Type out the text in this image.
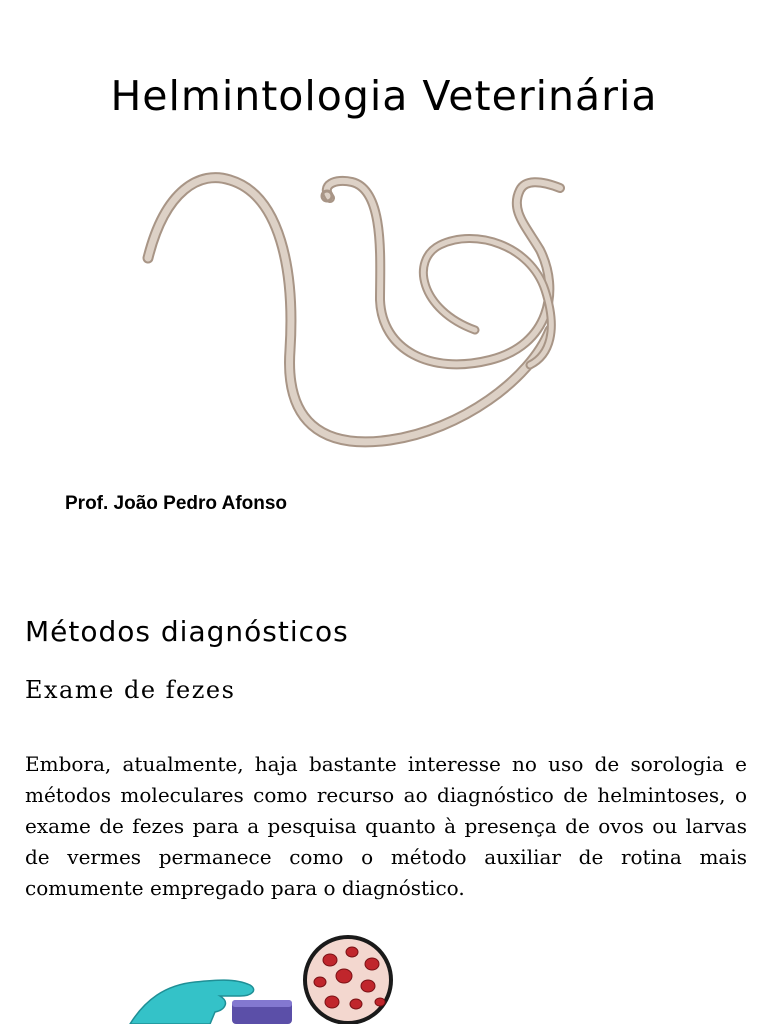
Helmintologia Veterinária
Prof. João Pedro Afonso
Métodos diagnósticos
Exame de fezes

Embora, atualmente, haja bastante interesse no uso de sorologia e métodos moleculares como recurso ao diagnóstico de helmintoses, o exame de fezes para a pesquisa quanto à presença de ovos ou larvas de vermes permanece como o método auxiliar de rotina mais comumente empregado para o diagnóstico.
